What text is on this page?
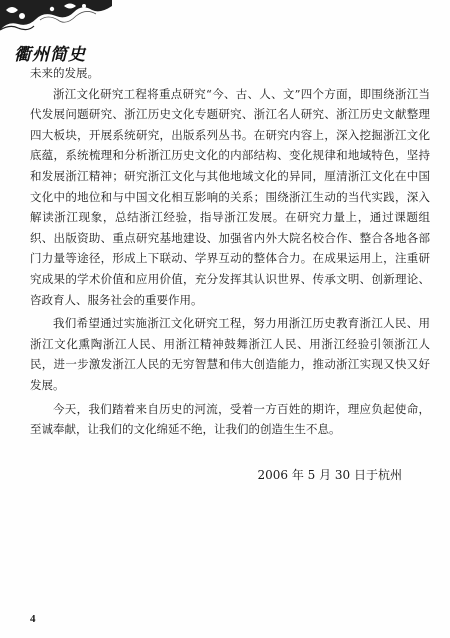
衢州简史

未来的发展。

浙江文化研究工程将重点研究“今、古、人、文”四个方面，即围绕浙江当代发展问题研究、浙江历史文化专题研究、浙江名人研究、浙江历史文献整理四大板块，开展系统研究，出版系列丛书。在研究内容上，深入挖掘浙江文化底蕴，系统梳理和分析浙江历史文化的内部结构、变化规律和地域特色，坚持和发展浙江精神；研究浙江文化与其他地域文化的异同，厘清浙江文化在中国文化中的地位和与中国文化相互影响的关系；围绕浙江生动的当代实践，深入解读浙江现象，总结浙江经验，指导浙江发展。在研究力量上，通过课题组织、出版资助、重点研究基地建设、加强省内外大院名校合作、整合各地各部门力量等途径，形成上下联动、学界互动的整体合力。在成果运用上，注重研究成果的学术价值和应用价值，充分发挥其认识世界、传承文明、创新理论、咨政育人、服务社会的重要作用。

我们希望通过实施浙江文化研究工程，努力用浙江历史教育浙江人民、用浙江文化熏陶浙江人民、用浙江精神鼓舞浙江人民、用浙江经验引领浙江人民，进一步激发浙江人民的无穷智慧和伟大创造能力，推动浙江实现又快又好发展。

今天，我们踏着来自历史的河流，受着一方百姓的期许，理应负起使命，至诚奉献，让我们的文化绵延不绝，让我们的创造生生不息。

2006 年 5 月 30 日于杭州
4
